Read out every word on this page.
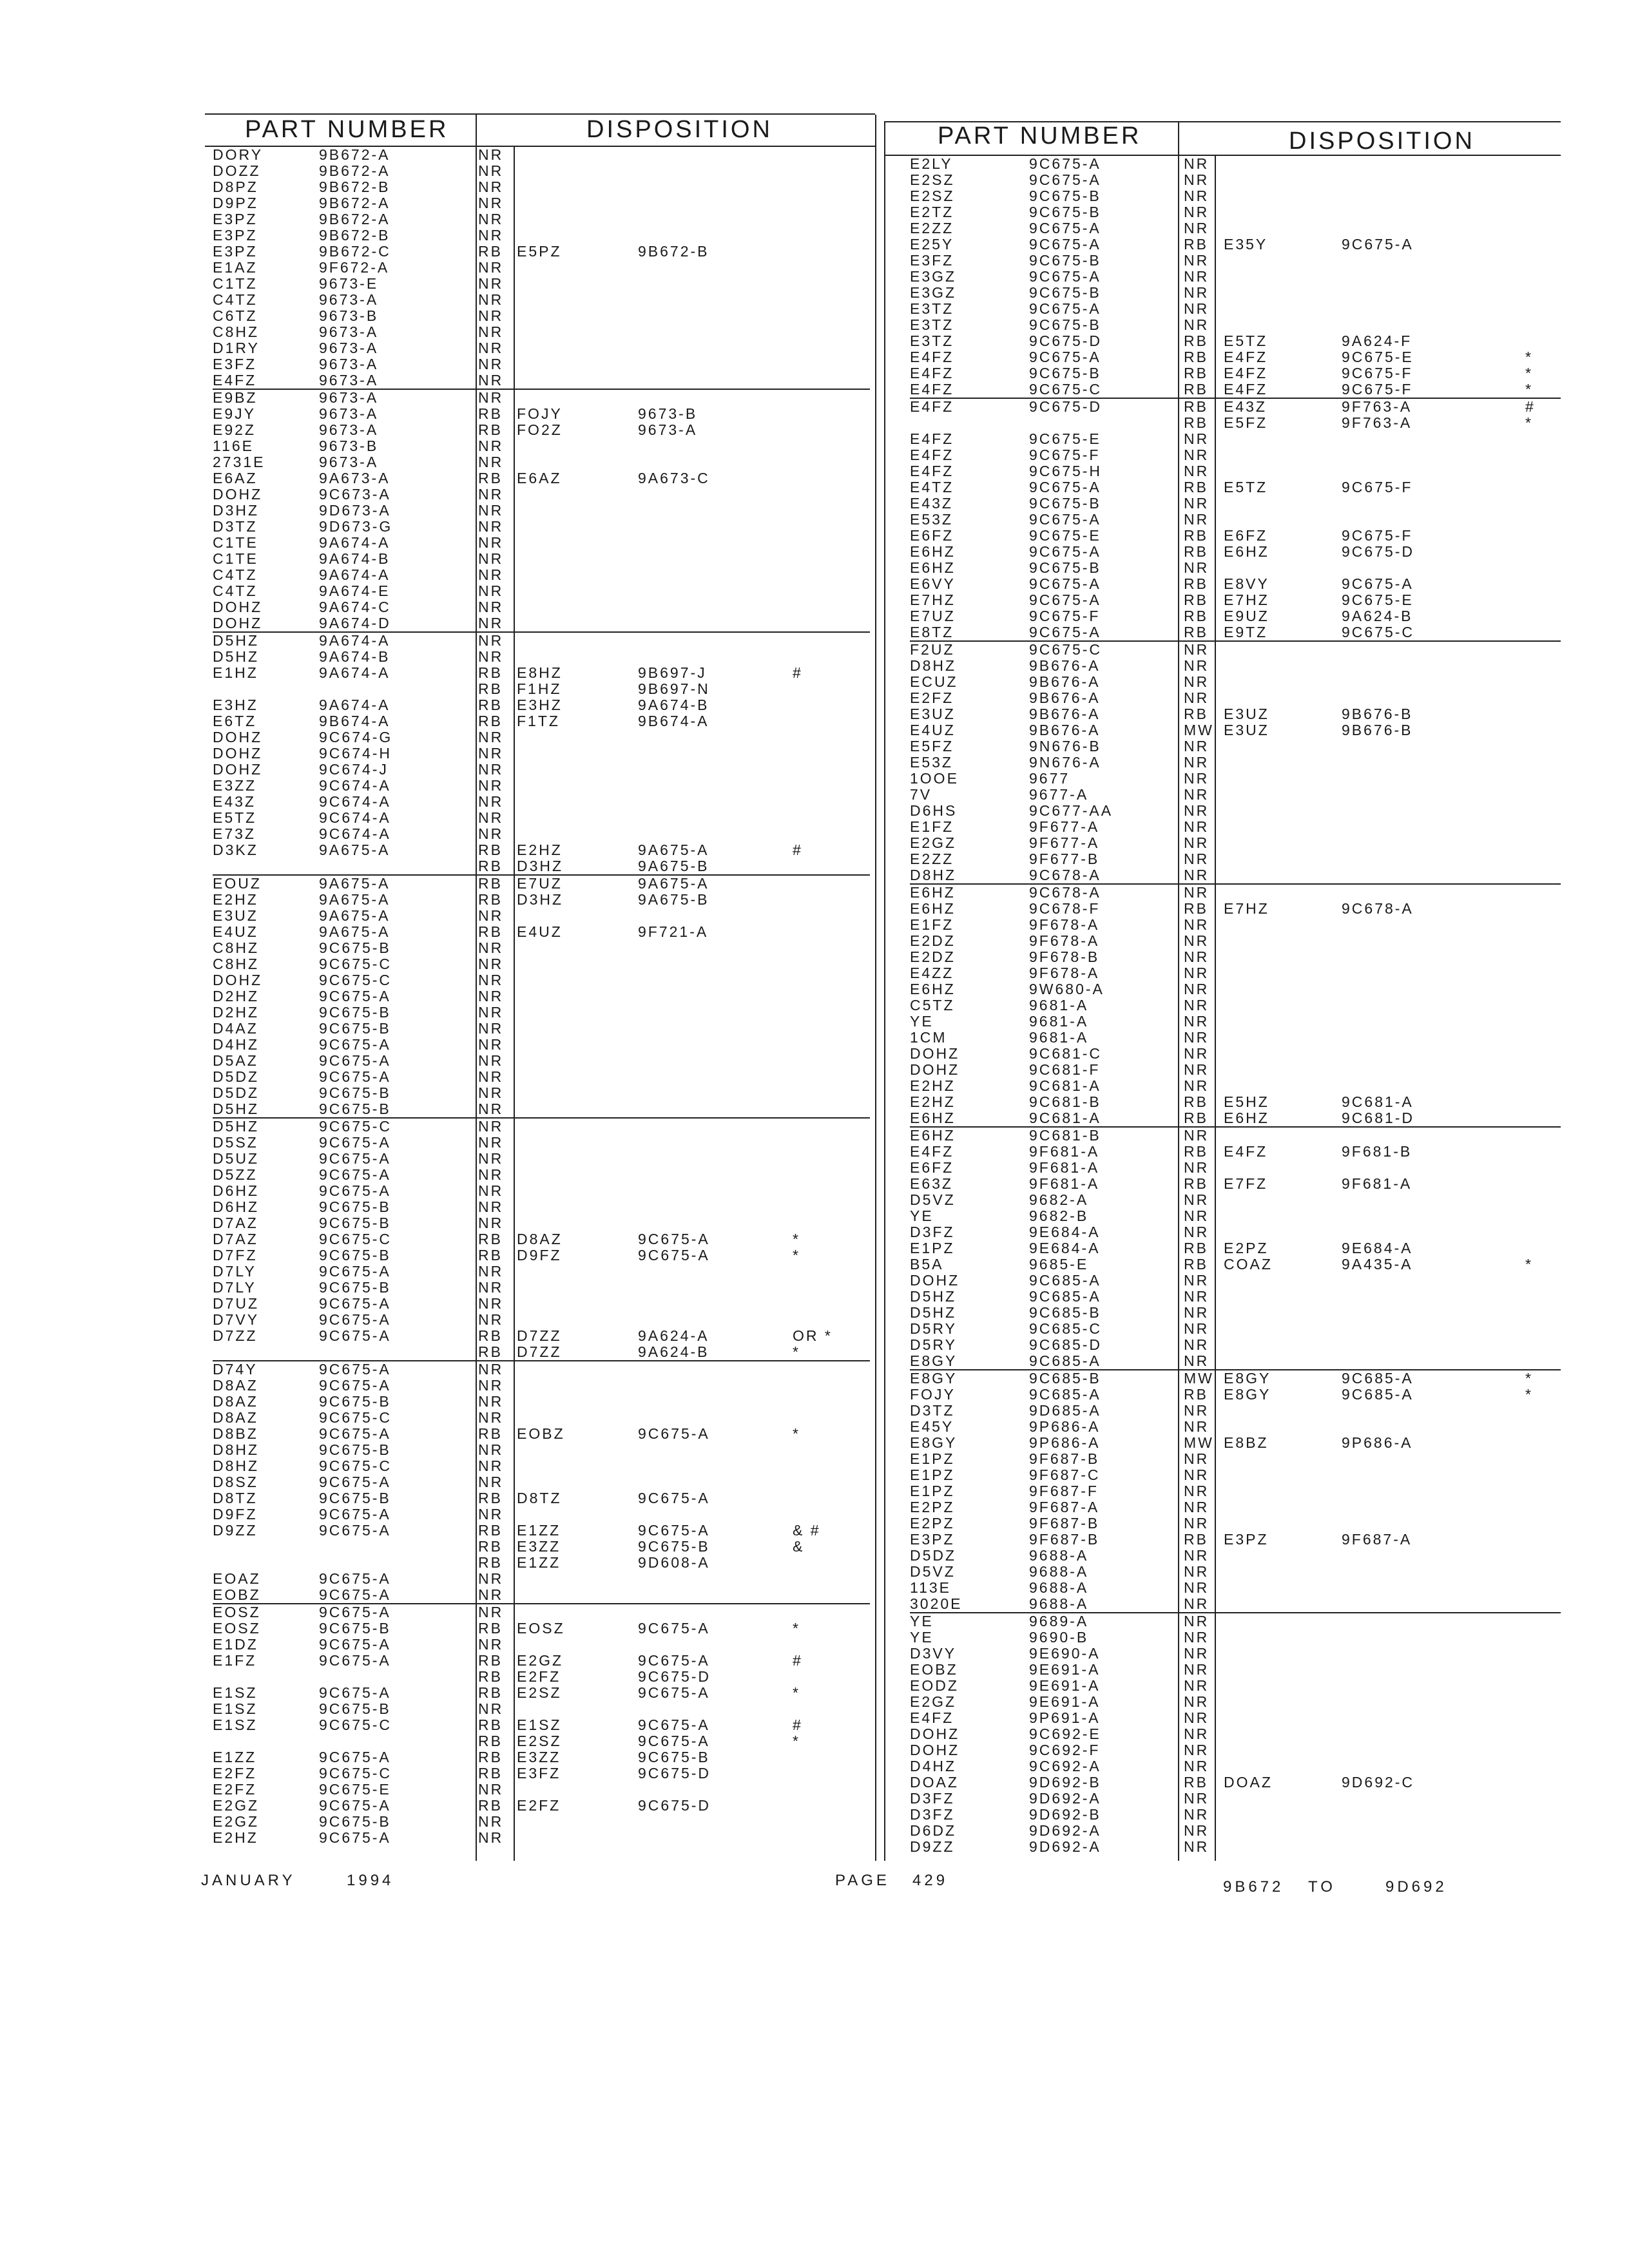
PART NUMBER	DISPOSITION	PART NUMBER	DISPOSITION
DORY	9B672-A	NR
DOZZ	9B672-A	NR
D8PZ	9B672-B	NR
D9PZ	9B672-A	NR
E3PZ	9B672-A	NR
E3PZ	9B672-B	NR
E3PZ	9B672-C	RB E5PZ	9B672-B
E1AZ	9F672-A	NR
C1TZ	9673-E	NR
C4TZ	9673-A	NR
C6TZ	9673-B	NR
C8HZ	9673-A	NR
D1RY	9673-A	NR
E3FZ	9673-A	NR
E4FZ	9673-A	NR
E9BZ	9673-A	NR
E9JY	9673-A	RB FOJY	9673-B
E92Z	9673-A	RB FO2Z	9673-A
116E	9673-B	NR
2731E	9673-A	NR
E6AZ	9A673-A	RB E6AZ	9A673-C
DOHZ	9C673-A	NR
D3HZ	9D673-A	NR
D3TZ	9D673-G	NR
C1TE	9A674-A	NR
C1TE	9A674-B	NR
C4TZ	9A674-A	NR
C4TZ	9A674-E	NR
DOHZ	9A674-C	NR
DOHZ	9A674-D	NR
D5HZ	9A674-A	NR
D5HZ	9A674-B	NR
E1HZ	9A674-A	RB E8HZ	9B697-J	#
RB F1HZ	9B697-N
E3HZ	9A674-A	RB E3HZ	9A674-B
E6TZ	9B674-A	RB F1TZ	9B674-A
DOHZ	9C674-G	NR
DOHZ	9C674-H	NR
DOHZ	9C674-J	NR
E3ZZ	9C674-A	NR
E43Z	9C674-A	NR
E5TZ	9C674-A	NR
E73Z	9C674-A	NR
D3KZ	9A675-A	RB E2HZ	9A675-A	#
RB D3HZ	9A675-B
EOUZ	9A675-A	RB E7UZ	9A675-A
E2HZ	9A675-A	RB D3HZ	9A675-B
E3UZ	9A675-A	NR
E4UZ	9A675-A	RB E4UZ	9F721-A
C8HZ	9C675-B	NR
C8HZ	9C675-C	NR
DOHZ	9C675-C	NR
D2HZ	9C675-A	NR
D2HZ	9C675-B	NR
D4AZ	9C675-B	NR
D4HZ	9C675-A	NR
D5AZ	9C675-A	NR
D5DZ	9C675-A	NR
D5DZ	9C675-B	NR
D5HZ	9C675-B	NR
D5HZ	9C675-C	NR
D5SZ	9C675-A	NR
D5UZ	9C675-A	NR
D5ZZ	9C675-A	NR
D6HZ	9C675-A	NR
D6HZ	9C675-B	NR
D7AZ	9C675-B	NR
D7AZ	9C675-C	RB D8AZ	9C675-A	*
D7FZ	9C675-B	RB D9FZ	9C675-A	*
D7LY	9C675-A	NR
D7LY	9C675-B	NR
D7UZ	9C675-A	NR
D7VY	9C675-A	NR
D7ZZ	9C675-A	RB D7ZZ	9A624-A	OR *
RB D7ZZ	9A624-B	*
D74Y	9C675-A	NR
D8AZ	9C675-A	NR
D8AZ	9C675-B	NR
D8AZ	9C675-C	NR
D8BZ	9C675-A	RB EOBZ	9C675-A	*
D8HZ	9C675-B	NR
D8HZ	9C675-C	NR
D8SZ	9C675-A	NR
D8TZ	9C675-B	RB D8TZ	9C675-A
D9FZ	9C675-A	NR
D9ZZ	9C675-A	RB E1ZZ	9C675-A	& #
RB E3ZZ	9C675-B	&
RB E1ZZ	9D608-A
EOAZ	9C675-A	NR
EOBZ	9C675-A	NR
EOSZ	9C675-A	NR
EOSZ	9C675-B	RB EOSZ	9C675-A	*
E1DZ	9C675-A	NR
E1FZ	9C675-A	RB E2GZ	9C675-A	#
RB E2FZ	9C675-D
E1SZ	9C675-A	RB E2SZ	9C675-A	*
E1SZ	9C675-B	NR
E1SZ	9C675-C	RB E1SZ	9C675-A	#
RB E2SZ	9C675-A	*
E1ZZ	9C675-A	RB E3ZZ	9C675-B
E2FZ	9C675-C	RB E3FZ	9C675-D
E2FZ	9C675-E	NR
E2GZ	9C675-A	RB E2FZ	9C675-D
E2GZ	9C675-B	NR
E2HZ	9C675-A	NR
E2LY	9C675-A	NR
E2SZ	9C675-A	NR
E2SZ	9C675-B	NR
E2TZ	9C675-B	NR
E2ZZ	9C675-A	NR
E25Y	9C675-A	RB E35Y	9C675-A
E3FZ	9C675-B	NR
E3GZ	9C675-A	NR
E3GZ	9C675-B	NR
E3TZ	9C675-A	NR
E3TZ	9C675-B	NR
E3TZ	9C675-D	RB E5TZ	9A624-F
E4FZ	9C675-A	RB E4FZ	9C675-E	*
E4FZ	9C675-B	RB E4FZ	9C675-F	*
E4FZ	9C675-C	RB E4FZ	9C675-F	*
E4FZ	9C675-D	RB E43Z	9F763-A	#
RB E5FZ	9F763-A	*
E4FZ	9C675-E	NR
E4FZ	9C675-F	NR
E4FZ	9C675-H	NR
E4TZ	9C675-A	RB E5TZ	9C675-F
E43Z	9C675-B	NR
E53Z	9C675-A	NR
E6FZ	9C675-E	RB E6FZ	9C675-F
E6HZ	9C675-A	RB E6HZ	9C675-D
E6HZ	9C675-B	NR
E6VY	9C675-A	RB E8VY	9C675-A
E7HZ	9C675-A	RB E7HZ	9C675-E
E7UZ	9C675-F	RB E9UZ	9A624-B
E8TZ	9C675-A	RB E9TZ	9C675-C
F2UZ	9C675-C	NR
D8HZ	9B676-A	NR
ECUZ	9B676-A	NR
E2FZ	9B676-A	NR
E3UZ	9B676-A	RB E3UZ	9B676-B
E4UZ	9B676-A	MW E3UZ	9B676-B
E5FZ	9N676-B	NR
E53Z	9N676-A	NR
1OOE	9677	NR
7V	9677-A	NR
D6HS	9C677-AA	NR
E1FZ	9F677-A	NR
E2GZ	9F677-A	NR
E2ZZ	9F677-B	NR
D8HZ	9C678-A	NR
E6HZ	9C678-A	NR
E6HZ	9C678-F	RB E7HZ	9C678-A
E1FZ	9F678-A	NR
E2DZ	9F678-A	NR
E2DZ	9F678-B	NR
E4ZZ	9F678-A	NR
E6HZ	9W680-A	NR
C5TZ	9681-A	NR
YE	9681-A	NR
1CM	9681-A	NR
DOHZ	9C681-C	NR
DOHZ	9C681-F	NR
E2HZ	9C681-A	NR
E2HZ	9C681-B	RB E5HZ	9C681-A
E6HZ	9C681-A	RB E6HZ	9C681-D
E6HZ	9C681-B	NR
E4FZ	9F681-A	RB E4FZ	9F681-B
E6FZ	9F681-A	NR
E63Z	9F681-A	RB E7FZ	9F681-A
D5VZ	9682-A	NR
YE	9682-B	NR
D3FZ	9E684-A	NR
E1PZ	9E684-A	RB E2PZ	9E684-A
B5A	9685-E	RB COAZ	9A435-A	*
DOHZ	9C685-A	NR
D5HZ	9C685-A	NR
D5HZ	9C685-B	NR
D5RY	9C685-C	NR
D5RY	9C685-D	NR
E8GY	9C685-A	NR
E8GY	9C685-B	MW E8GY	9C685-A	*
FOJY	9C685-A	RB E8GY	9C685-A	*
D3TZ	9D685-A	NR
E45Y	9P686-A	NR
E8GY	9P686-A	MW E8BZ	9P686-A
E1PZ	9F687-B	NR
E1PZ	9F687-C	NR
E1PZ	9F687-F	NR
E2PZ	9F687-A	NR
E2PZ	9F687-B	NR
E3PZ	9F687-B	RB E3PZ	9F687-A
D5DZ	9688-A	NR
D5VZ	9688-A	NR
113E	9688-A	NR
3020E	9688-A	NR
YE	9689-A	NR
YE	9690-B	NR
D3VY	9E690-A	NR
EOBZ	9E691-A	NR
EODZ	9E691-A	NR
E2GZ	9E691-A	NR
E4FZ	9P691-A	NR
DOHZ	9C692-E	NR
DOHZ	9C692-F	NR
D4HZ	9C692-A	NR
DOAZ	9D692-B	RB DOAZ	9D692-C
D3FZ	9D692-A	NR
D3FZ	9D692-B	NR
D6DZ	9D692-A	NR
D9ZZ	9D692-A	NR
JANUARY	1994	PAGE 429	9B672 TO	9D692
